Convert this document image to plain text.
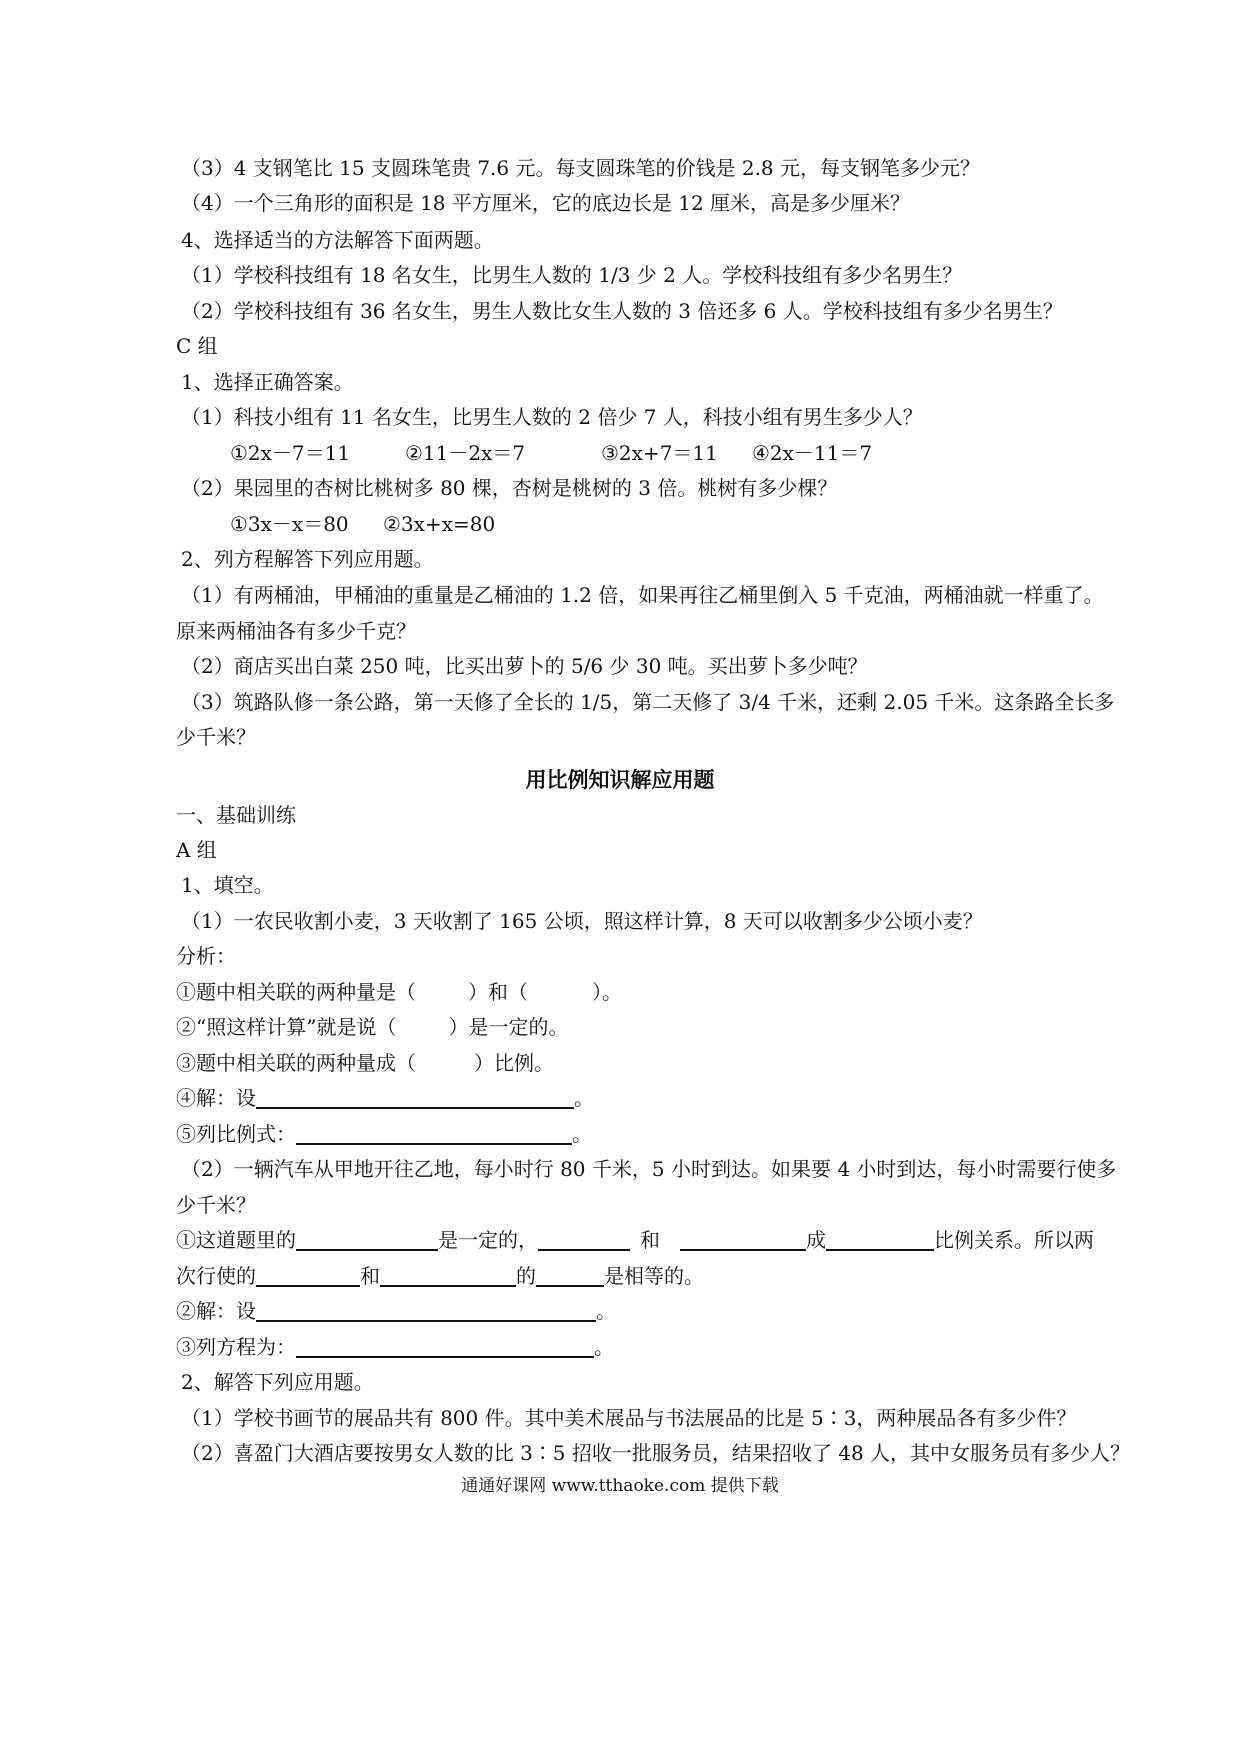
（3）4 支钢笔比 15 支圆珠笔贵 7.6 元。每支圆珠笔的价钱是 2.8 元，每支钢笔多少元？
（4）一个三角形的面积是 18 平方厘米，它的底边长是 12 厘米，高是多少厘米？
4、选择适当的方法解答下面两题。
（1）学校科技组有 18 名女生，比男生人数的 1/3 少 2 人。学校科技组有多少名男生？
（2）学校科技组有 36 名女生，男生人数比女生人数的 3 倍还多 6 人。学校科技组有多少名男生？
C 组
1、选择正确答案。
（1）科技小组有 11 名女生，比男生人数的 2 倍少 7 人，科技小组有男生多少人？
①2x－7＝11	②11－2x＝7	③2x+7＝11 ④2x－11＝7
（2）果园里的杏树比桃树多 80 棵，杏树是桃树的 3 倍。桃树有多少棵？
①3x－x＝80 ②3x+x=80
2、列方程解答下列应用题。
（1）有两桶油，甲桶油的重量是乙桶油的 1.2 倍，如果再往乙桶里倒入 5 千克油，两桶油就一样重了。
原来两桶油各有多少千克？
（2）商店买出白菜 250 吨，比买出萝卜的 5/6 少 30 吨。买出萝卜多少吨？
（3）筑路队修一条公路，第一天修了全长的 1/5，第二天修了 3/4 千米，还剩 2.05 千米。这条路全长多
少千米？
用比例知识解应用题
一、基础训练
A 组
1、填空。
（1）一农民收割小麦，3 天收割了 165 公顷，照这样计算，8 天可以收割多少公顷小麦？
分析：
①题中相关联的两种量是（	）和（	）。
②“照这样计算”就是说（	）是一定的。
③题中相关联的两种量成（	）比例。
④解：设	。
⑤列比例式：	。
（2）一辆汽车从甲地开往乙地，每小时行 80 千米，5 小时到达。如果要 4 小时到达，每小时需要行使多
少千米？
①这道题里的	是一定的，	和	成	比例关系。所以两
次行使的	和	的	是相等的。
②解：设	。
③列方程为：	。
2、解答下列应用题。
（1）学校书画节的展品共有 800 件。其中美术展品与书法展品的比是 5∶3，两种展品各有多少件？
（2）喜盈门大酒店要按男女人数的比 3∶5 招收一批服务员，结果招收了 48 人，其中女服务员有多少人？
通通好课网 www.tthaoke.com 提供下载
